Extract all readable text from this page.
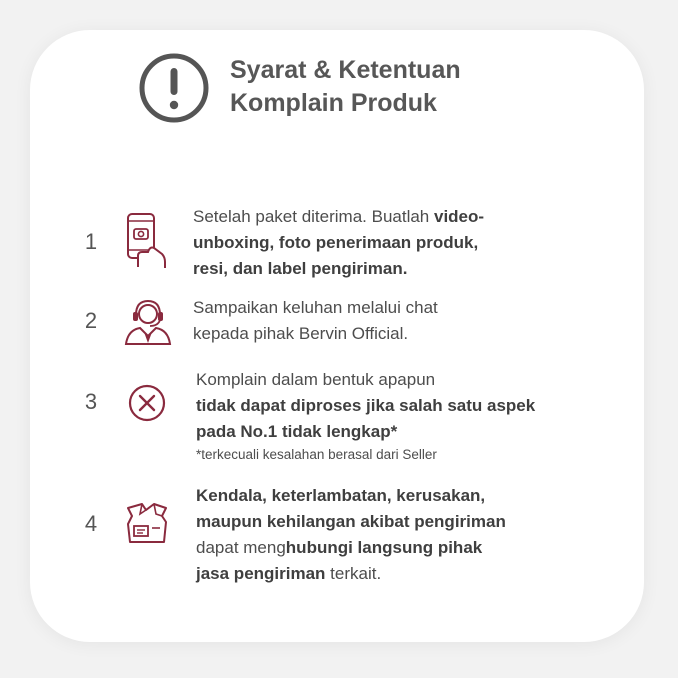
Syarat & Ketentuan
Komplain Produk
1
Setelah paket diterima. Buatlah video-
unboxing, foto penerimaan produk,
resi, dan label pengiriman.
2
Sampaikan keluhan melalui chat
kepada pihak Bervin Official.
3
Komplain dalam bentuk apapun
tidak dapat diproses jika salah satu aspek
pada No.1 tidak lengkap*
*terkecuali kesalahan berasal dari Seller
4
Kendala, keterlambatan, kerusakan,
maupun kehilangan akibat pengiriman
dapat menghubungi langsung pihak
jasa pengiriman terkait.
